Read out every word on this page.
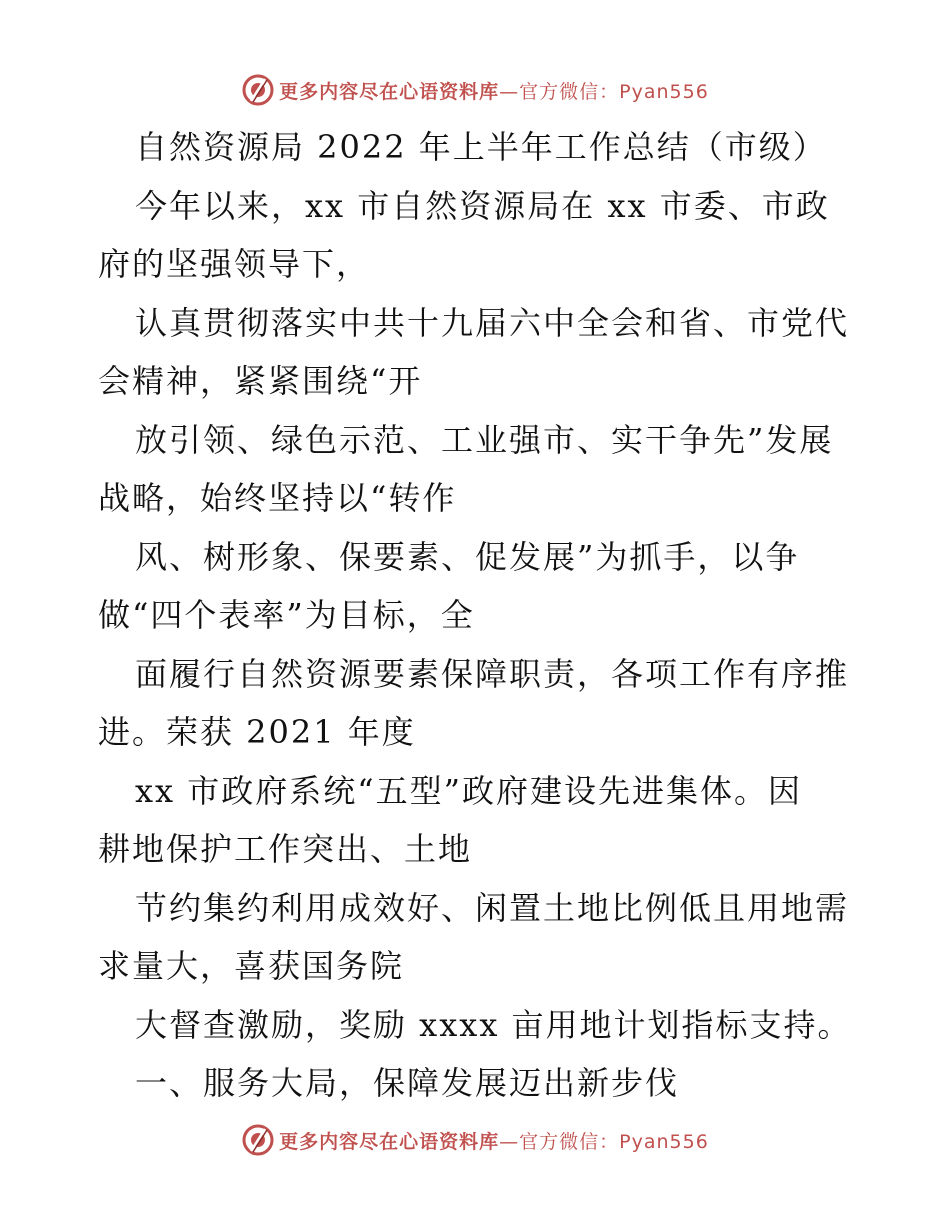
更多内容尽在心语资料库—官方微信：Pyan556
自然资源局 2022 年上半年工作总结（市级）
今年以来，xx 市自然资源局在 xx 市委、市政
府的坚强领导下，
认真贯彻落实中共十九届六中全会和省、市党代
会精神，紧紧围绕“开
放引领、绿色示范、工业强市、实干争先”发展
战略，始终坚持以“转作
风、树形象、保要素、促发展”为抓手，以争
做“四个表率”为目标，全
面履行自然资源要素保障职责，各项工作有序推
进。荣获 2021 年度
xx 市政府系统“五型”政府建设先进集体。因
耕地保护工作突出、土地
节约集约利用成效好、闲置土地比例低且用地需
求量大，喜获国务院
大督查激励，奖励 xxxx 亩用地计划指标支持。
一、服务大局，保障发展迈出新步伐
更多内容尽在心语资料库—官方微信：Pyan556
